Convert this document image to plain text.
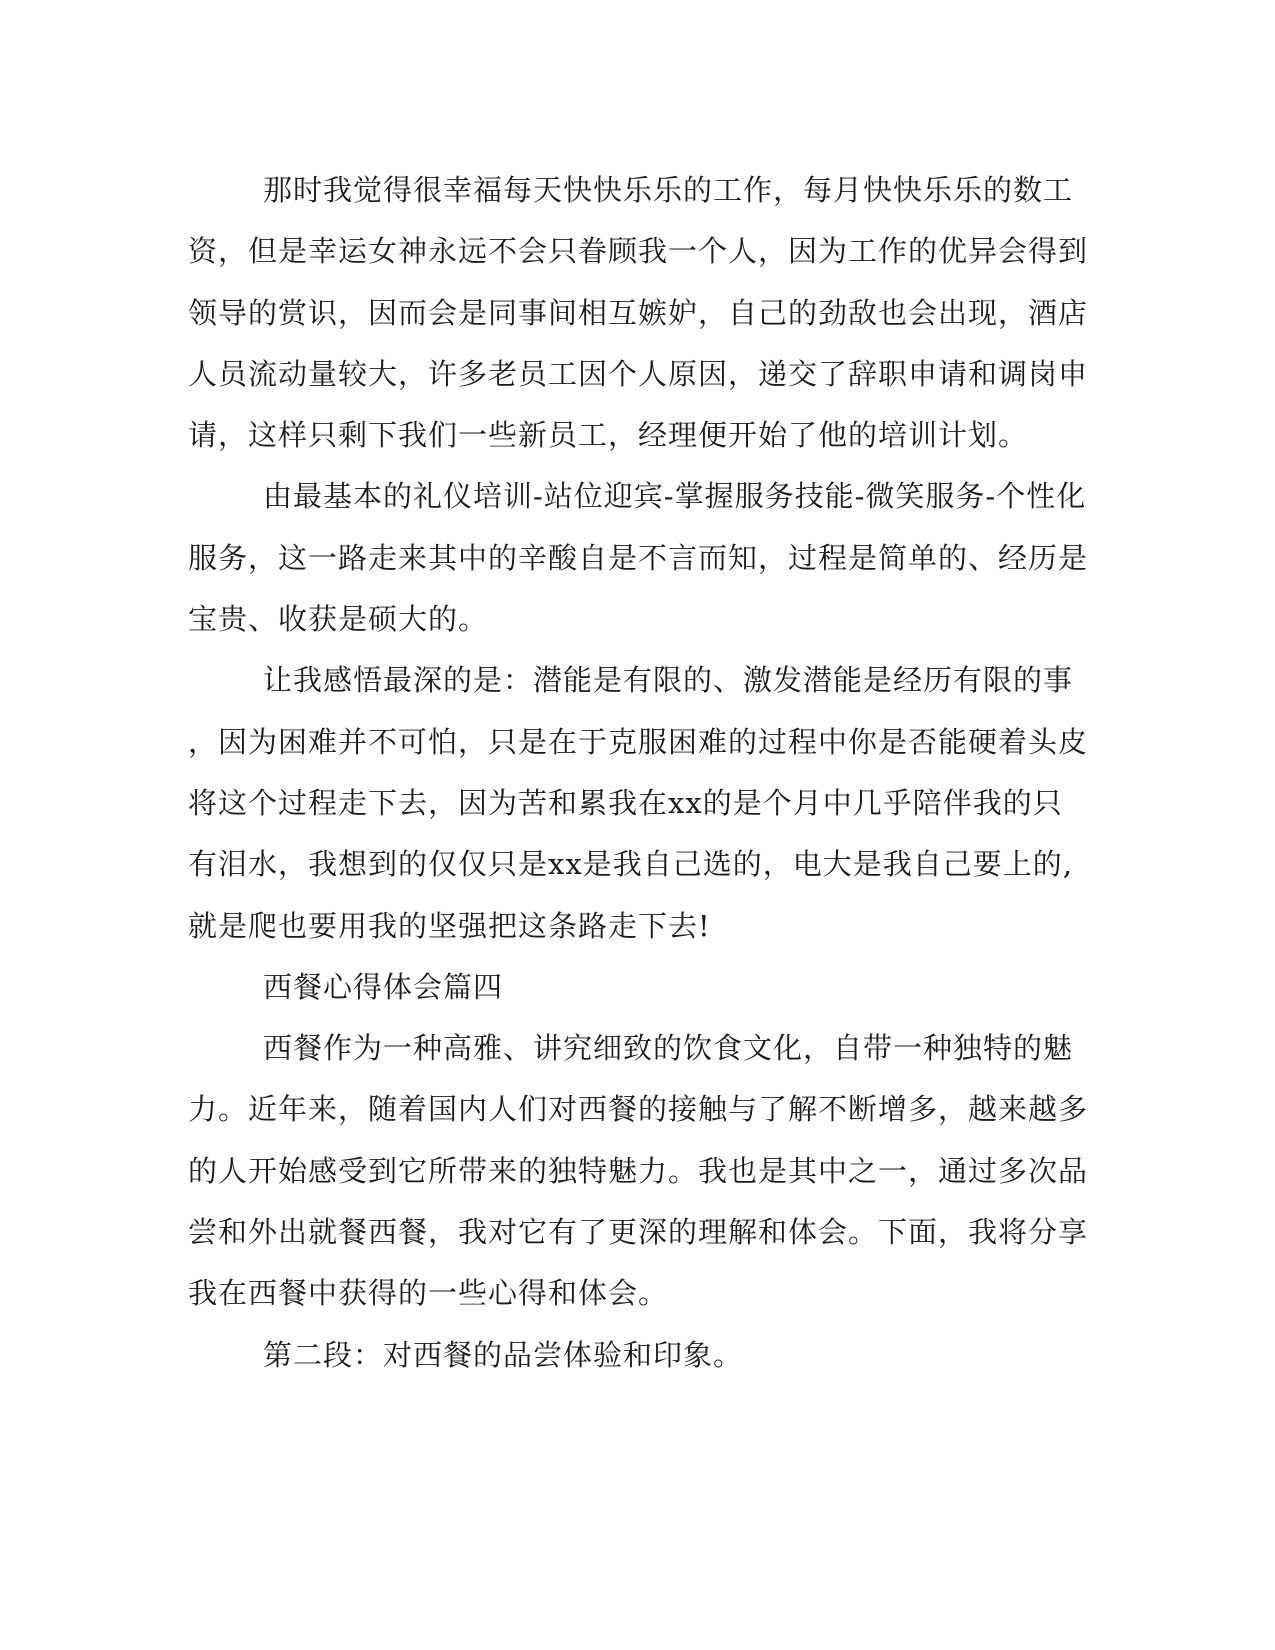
那时我觉得很幸福每天快快乐乐的工作，每月快快乐乐的数工资，但是幸运女神永远不会只眷顾我一个人，因为工作的优异会得到领导的赏识，因而会是同事间相互嫉妒，自己的劲敌也会出现，酒店人员流动量较大，许多老员工因个人原因，递交了辞职申请和调岗申请，这样只剩下我们一些新员工，经理便开始了他的培训计划。

由最基本的礼仪培训-站位迎宾-掌握服务技能-微笑服务-个性化服务，这一路走来其中的辛酸自是不言而知，过程是简单的、经历是宝贵、收获是硕大的。

让我感悟最深的是：潜能是有限的、激发潜能是经历有限的事，因为困难并不可怕，只是在于克服困难的过程中你是否能硬着头皮将这个过程走下去，因为苦和累我在xx的是个月中几乎陪伴我的只有泪水，我想到的仅仅只是xx是我自己选的，电大是我自己要上的,就是爬也要用我的坚强把这条路走下去!

西餐心得体会篇四

西餐作为一种高雅、讲究细致的饮食文化，自带一种独特的魅力。近年来，随着国内人们对西餐的接触与了解不断增多，越来越多的人开始感受到它所带来的独特魅力。我也是其中之一，通过多次品尝和外出就餐西餐，我对它有了更深的理解和体会。下面，我将分享我在西餐中获得的一些心得和体会。

第二段：对西餐的品尝体验和印象。
